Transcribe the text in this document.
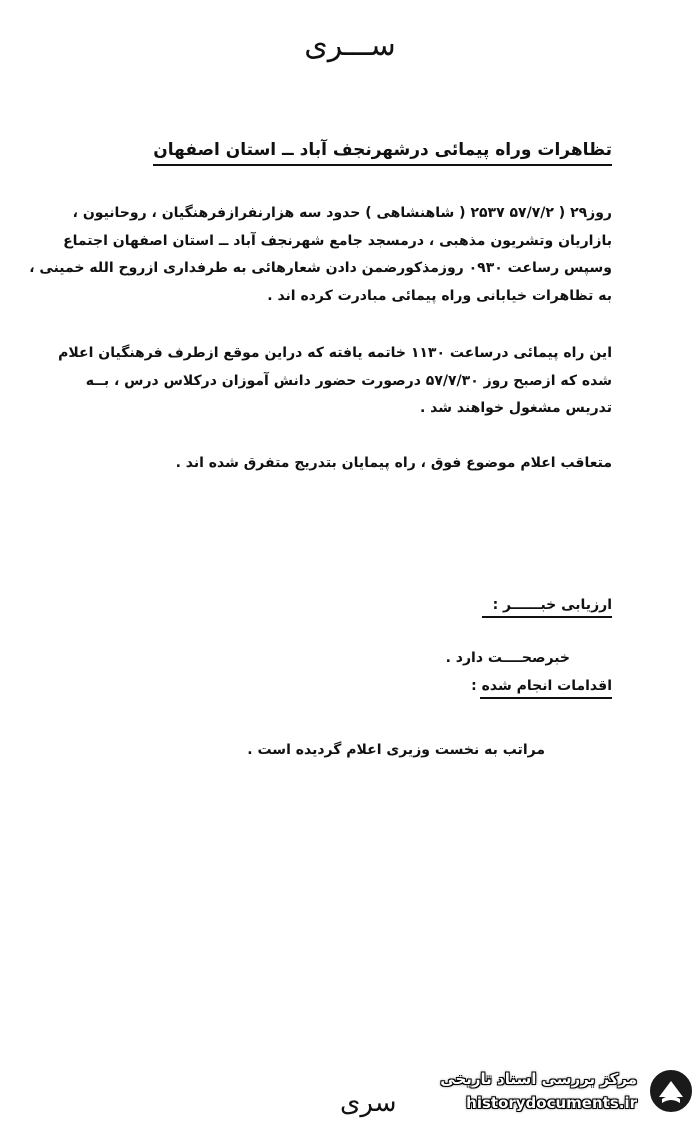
ســـری
تظاهرات وراه پیمائی درشهرنجف آباد ــ استان اصفهان
روز۲۹ ( ۵۷/۷/۲ ۲۵۳۷ ( شاهنشاهی ) حدود سه هزارنفرازفرهنگیان ، روحانیون ،
بازاریان وتشریون مذهبی ، درمسجد جامع شهرنجف آباد ــ استان اصفهان اجتماع
وسپس رساعت ۰۹۳۰ روزمذکورضمن دادن شعارهائی به طرفداری ازروح الله خمینی ،
به تظاهرات خیابانی وراه پیمائی مبادرت کرده اند .
این راه پیمائی درساعت ۱۱۳۰ خاتمه یافته که دراین موقع ازطرف فرهنگیان اعلام
شده که ازصبح روز ۵۷/۷/۳۰ درصورت حضور دانش آموزان درکلاس درس ، بــه
تدریس مشغول خواهند شد .
متعاقب اعلام موضوع فوق ، راه پیمایان بتدریج متفرق شده اند .
ارزیابی خبــــــر :
خبرصحــــت دارد .
اقدامات انجام شده :
مراتب به نخست وزیری اعلام گردیده است .
سری
مرکز بررسی اسناد تاریخی
historydocuments.ir
